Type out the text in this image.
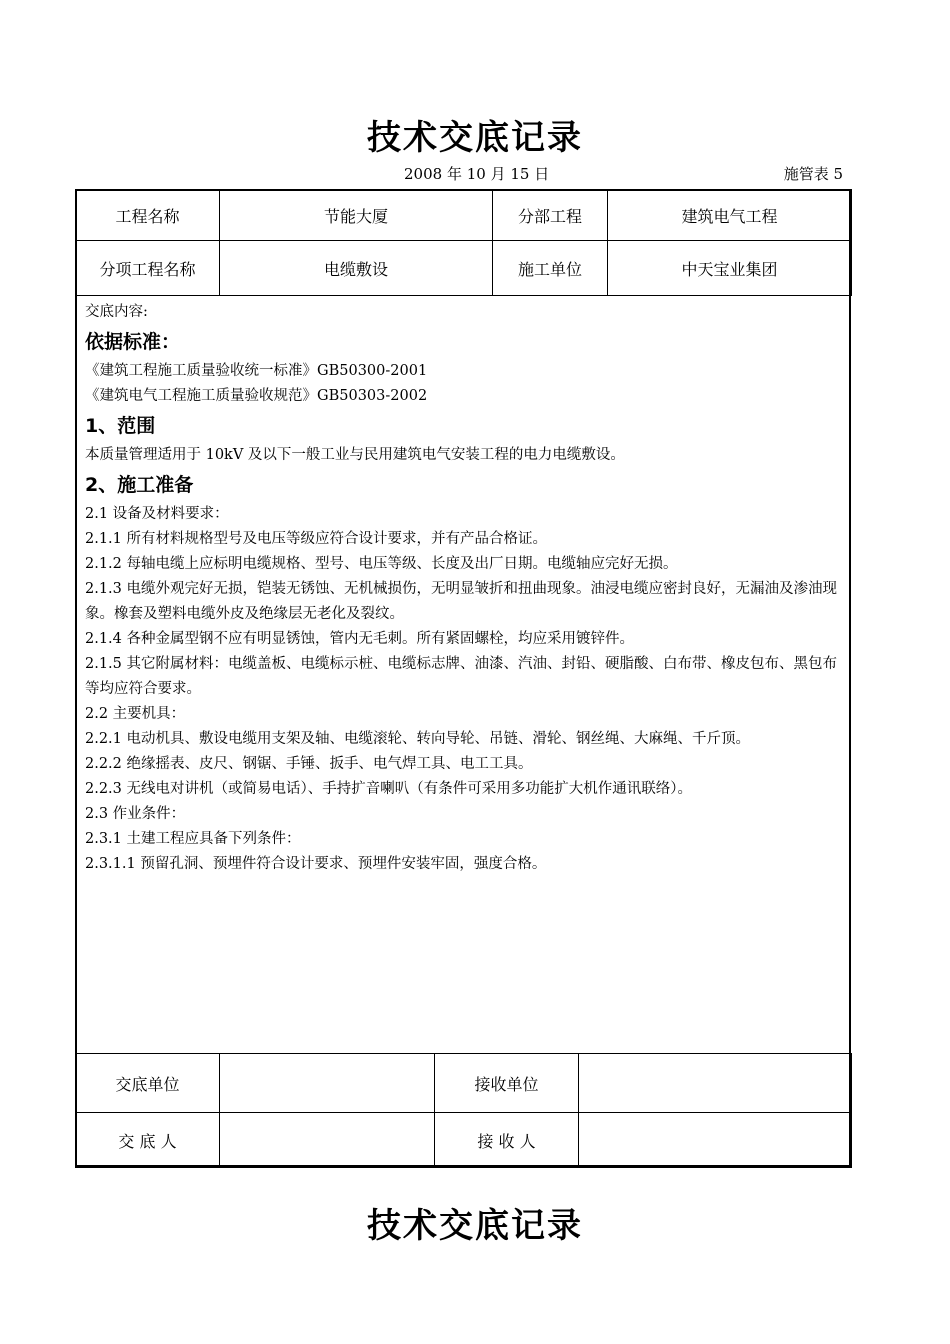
技术交底记录
2008 年 10 月 15 日	施管表 5
工程名称	节能大厦	分部工程	建筑电气工程
分项工程名称	电缆敷设	施工单位	中天宝业集团

交底内容:

依据标准：

《建筑工程施工质量验收统一标准》GB50300-2001

《建筑电气工程施工质量验收规范》GB50303-2002

1、范围

本质量管理适用于 10kV 及以下一般工业与民用建筑电气安装工程的电力电缆敷设。

2、施工准备

2.1 设备及材料要求：

2.1.1 所有材料规格型号及电压等级应符合设计要求，并有产品合格证。

2.1.2 每轴电缆上应标明电缆规格、型号、电压等级、长度及出厂日期。电缆轴应完好无损。

2.1.3 电缆外观完好无损，铠装无锈蚀、无机械损伤，无明显皱折和扭曲现象。油浸电缆应密封良好，无漏油及渗油现象。橡套及塑料电缆外皮及绝缘层无老化及裂纹。

2.1.4 各种金属型钢不应有明显锈蚀，管内无毛刺。所有紧固螺栓，均应采用镀锌件。

2.1.5 其它附属材料：电缆盖板、电缆标示桩、电缆标志牌、油漆、汽油、封铅、硬脂酸、白布带、橡皮包布、黑包布等均应符合要求。

2.2 主要机具：

2.2.1 电动机具、敷设电缆用支架及轴、电缆滚轮、转向导轮、吊链、滑轮、钢丝绳、大麻绳、千斤顶。

2.2.2 绝缘摇表、皮尺、钢锯、手锤、扳手、电气焊工具、电工工具。

2.2.3 无线电对讲机（或简易电话）、手持扩音喇叭（有条件可采用多功能扩大机作通讯联络）。

2.3 作业条件：

2.3.1 土建工程应具备下列条件：

2.3.1.1 预留孔洞、预埋件符合设计要求、预埋件安装牢固，强度合格。

交底单位		接收单位	
交 底 人		接 收 人	
技术交底记录
